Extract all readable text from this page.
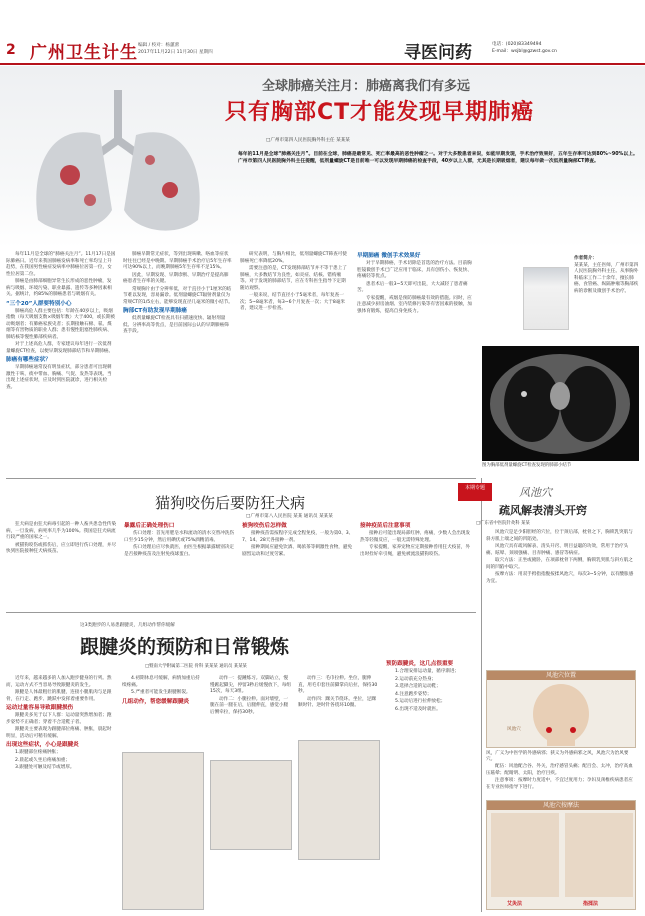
2 广州卫生计生 编辑 / 校对：杨蕙蕾
2017年11月22日 11月30日 星期四	寻医问药	电话：(020)83349494
E-mail：wsjbl@gzwst.gov.cn
全球肺癌关注月：肺癌离我们有多远
只有胸部CT才能发现早期肺癌
□广州市第四人民医院胸外科主任 某某某
每年的11月是全球“肺癌关注月”。目前在全球，肺癌是最常见、死亡率最高的恶性肿瘤之一。对于大多数患者来说，如能早期发现，手术治疗效果好，五年生存率可达到80%~90%以上。广州市第四人民医院胸外科主任提醒，低剂量螺旋CT是目前唯一可以发现早期肺癌的检查手段，40岁以上人群，尤其是长期吸烟者，建议每年做一次低剂量胸部CT筛查。

每年11月是全球的“肺癌关注月”。11月17日是国际肺癌日。近年来我国肺癌发病率和死亡率均呈上升趋势，在我国男性癌症发病率中肺癌位居第一位，女性位居第二位。

肺癌是由肺部细胞异常生长形成的恶性肿瘤，发病与吸烟、环境污染、职业暴露、遗传等多种因素相关。据统计，约85%的肺癌患者与吸烟有关。

“三个20”人群要特别小心

肺癌高危人群主要包括：年龄在40岁以上，吸烟指数（每天吸烟支数×吸烟年数）大于400，或长期被动吸烟者；有肺癌家族史者；长期接触石棉、氡、煤烟等有害物质的职业人群；患有慢性阻塞性肺疾病、肺结核等慢性肺部疾病者。

对于上述高危人群，专家建议每年进行一次低剂量螺旋CT检查，以便早期发现肺部结节和早期肺癌。

肺癌有哪些症状？

早期肺癌通常没有明显症状，部分患者可出现刺激性干咳、痰中带血、胸痛、气促、发热等表现。当出现上述症状时，应及时到医院就诊，进行相关检查。

肺癌早期常无症状，等到出现咳嗽、咯血等症状时往往已经是中晚期。早期肺癌手术治疗后5年生存率可达90%以上，而晚期肺癌5年生存率不足15%。

因此，早期发现、早期诊断、早期治疗是提高肺癌患者生存率的关键。

常规胸片由于分辨率低，对于直径小于1厘米的结节难以发现，容易漏诊。低剂量螺旋CT辐射剂量仅为常规CT的1/5左右，能够发现直径几毫米的微小结节。

胸部CT有助发现早期肺癌

低剂量螺旋CT检查具有扫描速度快、辐射剂量低、分辨率高等优点，是目前国际公认的早期肺癌筛查手段。

研究表明，与胸片相比，低剂量螺旋CT筛查可使肺癌死亡率降低20%。

需要注意的是，CT发现肺部结节并不等于患上了肺癌，大多数结节为良性，如炎症、结核、错构瘤等。对于发现的肺部结节，应在专科医生指导下定期随访观察。

一般来说，结节直径小于5毫米者，每年复查一次；5~8毫米者，每3~6个月复查一次；大于8毫米者，建议进一步检查。

早期肺癌 微创手术效果好

对于早期肺癌，手术切除是首选的治疗方法。目前胸腔镜微创手术已广泛应用于临床，具有创伤小、恢复快、疼痛轻等优点。

患者术后一般3~5天即可出院，大大减轻了患者痛苦。

专家提醒，戒烟是预防肺癌最有效的措施。同时，应注意减少厨房油烟、室内装修污染等有害因素的接触，加强体育锻炼，提高自身免疫力。

作者简介：
某某某，主任医师，广州市第四人民医院胸外科主任。从事胸外科临床工作二十余年，擅长肺癌、食管癌、纵隔肿瘤等胸部疾病的诊断及微创手术治疗。
图为胸部低剂量螺旋CT检查发现的肺部小结节
猫狗咬伤后要防狂犬病
□广州市第八人民医院 某某 通讯员 某某某

狂犬病是由狂犬病毒引起的一种人畜共患急性传染病，一旦发病，病死率几乎为100%。我国是狂犬病流行较严重的国家之一。

被猫狗咬伤或抓伤后，应立即进行伤口处理，并尽快到医院接种狂犬病疫苗。

暴露后正确处理伤口

伤口处理：首先用肥皂水和流动的清水交替冲洗伤口至少15分钟，然后用碘伏或75%酒精消毒。

伤口处理后应尽快就医，由医生根据暴露级别决定是否接种疫苗及注射免疫球蛋白。

被狗咬伤后怎样做

接种疫苗需按程序完成全程免疫，一般为第0、3、7、14、28天各接种一剂。

接种期间应避免饮酒、喝浓茶等刺激性食物，避免剧烈运动和过度劳累。

接种疫苗后注意事项

接种后可能出现局部红肿、疼痛，少数人会出现发热等轻微反应，一般无需特殊处理。

专家提醒，家养宠物应定期接种兽用狂犬疫苗，外出时拴好牵引绳，避免被流浪猫狗咬伤。

这3类跑步的人易患跟腱炎，几组动作帮你缓解
跟腱炎的预防和日常锻炼
□暨南大学附属第二医院 骨科 某某某 通讯员 某某某

近年来，越来越多的人加入跑步健身的行列。然而，运动方式不当容易导致跟腱炎的发生。

跟腱是人体最粗壮的肌腱，连接小腿肌肉与足跟骨，在行走、跑步、跳跃中发挥着重要作用。

运动过量容易导致跟腱损伤

跟腱炎多见于以下人群：运动量突然增加者；跑步姿势不正确者；穿着不合适鞋子者。

跟腱炎主要表现为跟腱部位疼痛、肿胀，晨起时明显，活动后可稍有缓解。

出现这些症状，小心是跟腱炎

1.跟腱部位疼痛肿胀；

2.晨起或久坐后疼痛加重；

3.跟腱处可触及结节或增厚。

4.初期休息可缓解，病情加重后持续疼痛。

5.严重者可能发生跟腱断裂。

几组动作，帮您缓解跟腱炎

动作一：提踵练习。双脚站立，慢慢踮起脚尖，停留3秒后缓慢放下，每组15次，每天3组。

动作二：小腿拉伸。面对墙壁，一腿在前一腿在后，后腿伸直，感觉小腿后侧牵拉，保持30秒。

动作三：毛巾拉伸。坐位，腿伸直，用毛巾套住前脚掌向后拉，保持30秒。

动作四：踝关节绕环。坐位，足踝顺时针、逆时针各绕环10圈。

预防跟腱炎，这几点很重要

1.合理安排运动量，循序渐进；

2.运动前充分热身；

3.选择合适的运动鞋；

4.注意跑步姿势；

5.运动后进行拉伸放松；

6.出现不适及时就医。

本期专题	风池穴
疏风解表清头开窍
□广东省中医院针灸科 某某

风池穴是足少阳胆经的穴位，位于颈后部，枕骨之下，胸锁乳突肌与斜方肌上端之间的凹陷处。

风池穴具有疏风解表、清头开窍、明目益聪的功效，常用于治疗头痛、眩晕、颈项强痛、目赤肿痛、感冒等病症。

取穴方法：正坐或俯卧，在项部枕骨下两侧，胸锁乳突肌与斜方肌之间的凹陷中取穴。

按摩方法：用双手拇指指腹按揉风池穴，每次3~5分钟，以有酸胀感为宜。

风池穴位置
风池穴
风，广义为中医学的外感病邪；狭义为外感病邪之风，风池穴为治风要穴。

配伍：风池配合谷、外关，治疗感冒头痛；配百会、太冲，治疗高血压眩晕；配睛明、太阳，治疗目疾。

注意事项：按摩时力度适中，不宜过度用力；孕妇及颈椎疾病患者应在专业医师指导下进行。

风池穴按摩法
艾灸法	指揉法
